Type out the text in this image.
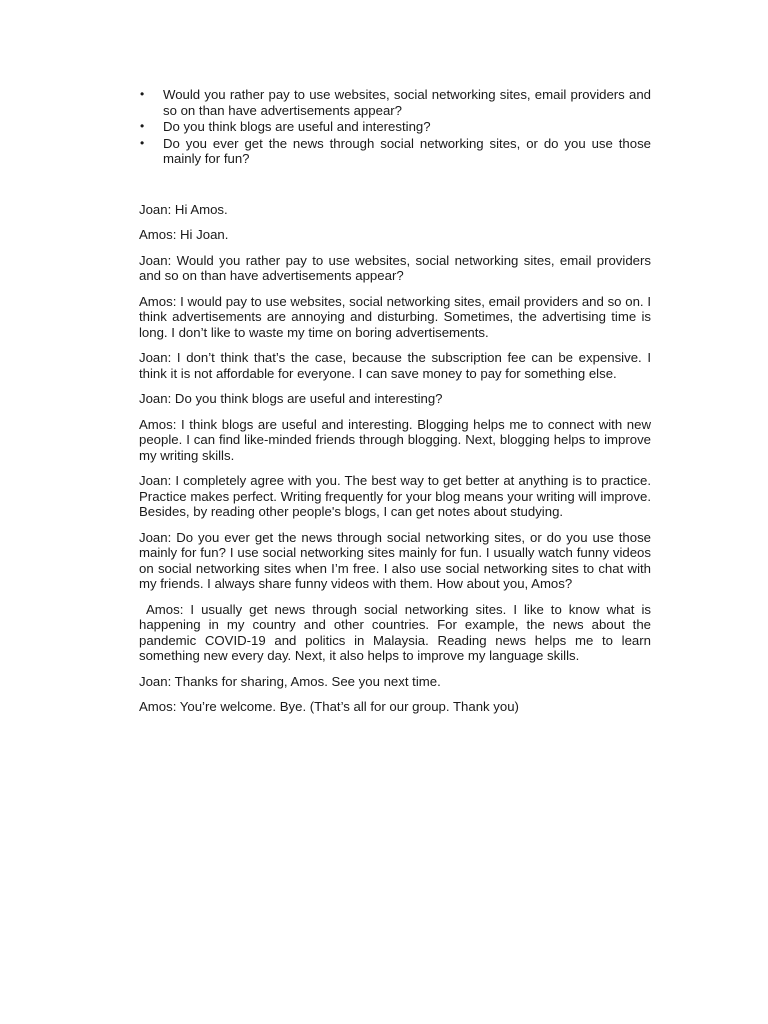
• Would you rather pay to use websites, social networking sites, email providers and so on than have advertisements appear?
• Do you think blogs are useful and interesting?
• Do you ever get the news through social networking sites, or do you use those mainly for fun?

Joan: Hi Amos.

Amos: Hi Joan.

Joan: Would you rather pay to use websites, social networking sites, email providers and so on than have advertisements appear?

Amos: I would pay to use websites, social networking sites, email providers and so on. I think advertisements are annoying and disturbing. Sometimes, the advertising time is long. I don’t like to waste my time on boring advertisements.

Joan: I don’t think that’s the case, because the subscription fee can be expensive. I think it is not affordable for everyone. I can save money to pay for something else.

Joan: Do you think blogs are useful and interesting?

Amos: I think blogs are useful and interesting. Blogging helps me to connect with new people. I can find like-minded friends through blogging. Next, blogging helps to improve my writing skills.

Joan: I completely agree with you. The best way to get better at anything is to practice. Practice makes perfect. Writing frequently for your blog means your writing will improve. Besides, by reading other people's blogs, I can get notes about studying.

Joan: Do you ever get the news through social networking sites, or do you use those mainly for fun? I use social networking sites mainly for fun. I usually watch funny videos on social networking sites when I’m free. I also use social networking sites to chat with my friends. I always share funny videos with them. How about you, Amos?

Amos: I usually get news through social networking sites. I like to know what is happening in my country and other countries. For example, the news about the pandemic COVID-19 and politics in Malaysia. Reading news helps me to learn something new every day. Next, it also helps to improve my language skills.

Joan: Thanks for sharing, Amos. See you next time.

Amos: You’re welcome. Bye. (That’s all for our group. Thank you)
